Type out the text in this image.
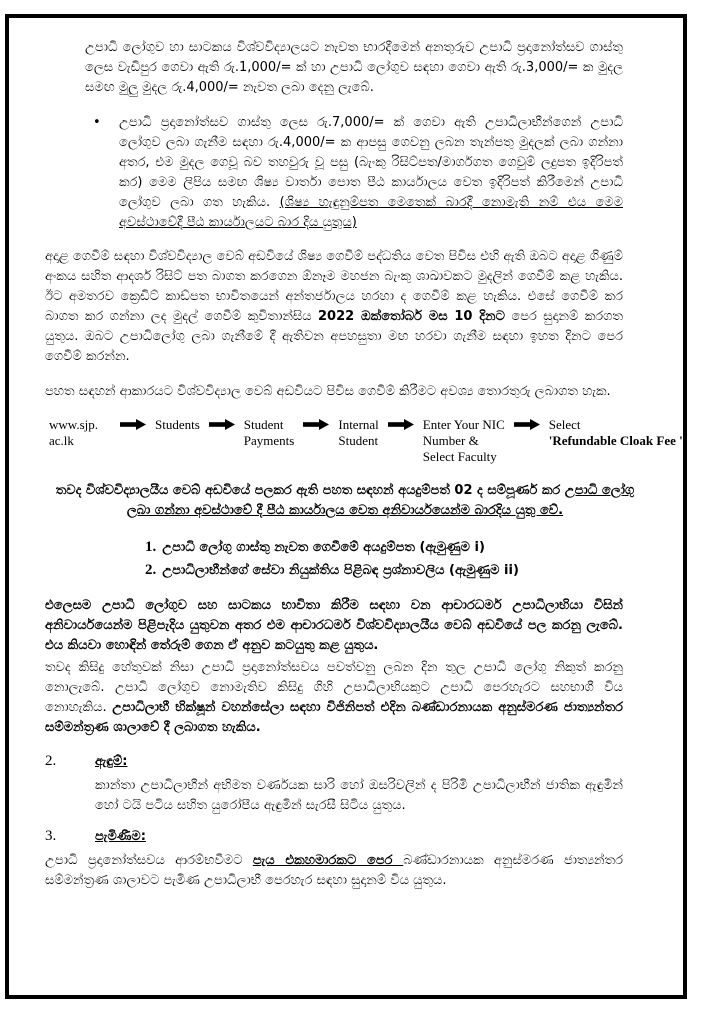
උපාධි ලෝගුව හා සාටකය විශ්වවිද්‍යාලයට නැවත භාරදීමෙන් අනතුරුව උපාධි ප්‍රදානෝත්සව ගාස්තු ලෙස වැඩිපුර ගෙවා ඇති රු.1,000/= ක් හා උපාධි ලෝගුව සඳහා ගෙවා ඇති රු.3,000/= ක මුදල සමඟ මුලු මුදල රු.4,000/= නැවත ලබා දෙනු ලැබේ.

•	උපාධි ප්‍රදානෝත්සව ගාස්තු ලෙස රු.7,000/= ක් ගෙවා ඇති උපාධිලාභීන්ගෙන් උපාධි ලෝගුව ලබා ගැනීම සඳහා රු.4,000/= ක ආපසු ගෙවනු ලබන තැන්පතු මුදලක් ලබා ගන්නා අතර, එම මුදල ගෙවූ බව තහවුරු වූ පසු (බැංකු රිසිට්පත/මාර්ගගත ගෙවුම් ලදුපත ඉදිරිපත් කර) මෙම ලිපිය සමඟ ශිෂ්‍ය වාර්තා පොත පීඨ කාර්යාලය වෙත ඉදිරිපත් කිරීමෙන් උපාධි ලෝගුව ලබා ගත හැකිය. (ශිෂ්‍ය හැඳුනුම්පත මෙතෙක් බාරදී නොමැති නම් එය මෙම අවස්ථාවේදී පීඨ කාර්යාලයට බාර දිය යුතුය)

අදාළ ගෙවීම් සඳහා විශ්වවිද්‍යාල වෙබ් අඩවියේ ශිෂ්‍ය ගෙවීම් පද්ධතිය වෙත පිවිස එහි ඇති ඔබට අදාළ ගිණුම් අංකය සහිත ආදර්ශ රිසිට් පත බාගත කරගෙන ඕනෑම මහජන බැංකු ශාඛාවකට මුදලින් ගෙවීම් කළ හැකිය. ඊට අමතරව ක්‍රෙඩිට් කාඩ්පත භාවිතයෙන් අන්තර්ජාලය හරහා ද ගෙවීම් කළ හැකිය. එසේ ගෙවීම් කර බාගත කර ගන්නා ලද මුදල් ගෙවීම් කුවිතාන්සිය 2022 ඔක්තෝබර් මස 10 දිනට පෙර සුදානම් කරගත යුතුය. ඔබට උපාධිලෝගු ලබා ගැනීමේ දී ඇතිවන අපහසුතා මඟ හරවා ගැනීම සඳහා ඉහත දිනට පෙර ගෙවීම් කරන්න.

පහත සඳහන් ආකාරයට විශ්වවිද්‍යාල වෙබ් අඩවියට පිවිස ගෙවීම් කිරීමට අවශ්‍ය තොරතුරු ලබාගත හැක.

www.sjp.
ac.lk
Students	Student
Payments
Internal
Student
Enter Your NIC
Number &
Select Faculty
Select
'Refundable Cloak Fee '

තවද විශ්වවිද්‍යාලයීය වෙබ් අඩවියේ පලකර ඇති පහත සඳහන් අයදුම්පත් 02 ද සම්පූර්ණ කර උපාධි ලෝගු ලබා ගන්නා අවස්ථාවේ දී පීඨ කාර්යාලය වෙත අනිවාර්යයෙන්ම බාරදිය යුතු වේ.

1. උපාධි ලෝගු ගාස්තු නැවත ගෙවීමේ අයදුම්පත (ඇමුණුම i)
2. උපාධිලාභීන්ගේ සේවා නියුක්තිය පිළිබඳ ප්‍රශ්නාවලිය (ඇමුණුම ii)

එලෙසම උපාධි ලෝගුව සහ සාටකය භාවිතා කිරීම සඳහා වන ආචාරධර්ම උපාධිලාභියා විසින් අනිවාර්යයෙන්ම පිළිපැදිය යුතුවන අතර එම ආචාරධර්ම විශ්වවිද්‍යාලයීය වෙබ් අඩවියේ පල කරනු ලැබේ. එය කියවා හොඳින් තේරුම් ගෙන ඒ අනුව කටයුතු කළ යුතුය.

තවද කිසිදු හේතුවක් නිසා උපාධි ප්‍රදානෝත්සවය පවත්වනු ලබන දින තුල උපාධි ලෝගු නිකුත් කරනු නොලැබේ. උපාධි ලෝගුව නොමැතිව කිසිදු ගිහි උපාධිලාභියකුට උපාධි පෙරහැරට සහභාගී විය නොහැකිය. උපාධිලාභී භික්ෂූන් වහන්සේලා සඳහා විජිනිපත් එදින බණ්ඩාරනායක අනුස්මරණ ජාත්‍යන්තර සම්මන්ත්‍රණ ශාලාවේ දී ලබාගත හැකිය.

2.	ඇඳුම්:

කාන්තා උපාධිලාභීන් අභිමත වර්ණයක සාරි හෝ ඔසරිවලින් ද පිරිමි උපාධිලාභීන් ජාතික ඇඳුමින් හෝ ටයි පටිය සහිත යුරෝපීය ඇඳුමින් සැරසී සිටිය යුතුය.

3.	පැමිණීම:

උපාධි ප්‍රදානෝත්සවය ආරම්භවීමට පැය එකහමාරකට පෙර බණ්ඩාරනායක අනුස්මරණ ජාත්‍යන්තර සම්මන්ත්‍රණ ශාලාවට පැමිණ උපාධිලාභී පෙරහැර සඳහා සුදානම් විය යුතුය.
